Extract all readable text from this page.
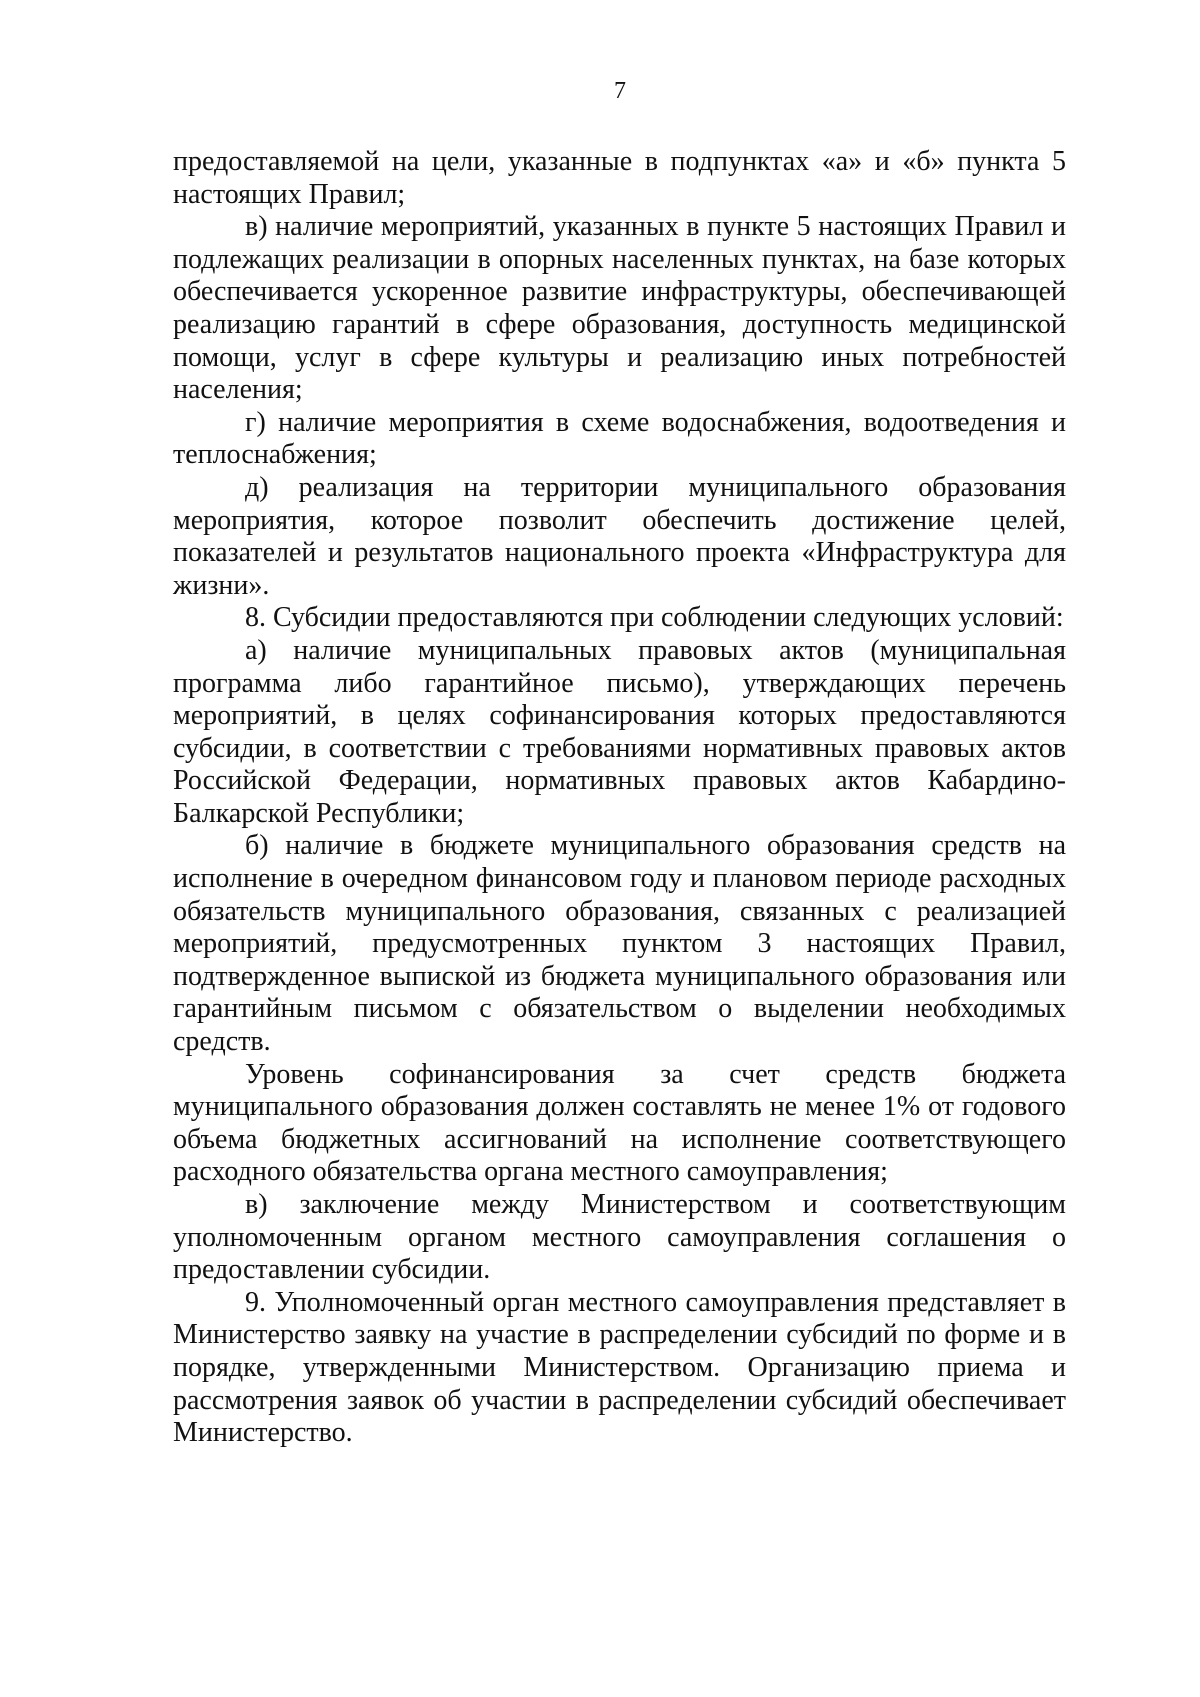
7

предоставляемой на цели, указанные в подпунктах «а» и «б» пункта 5 настоящих Правил;

в) наличие мероприятий, указанных в пункте 5 настоящих Правил и подлежащих реализации в опорных населенных пунктах, на базе которых обеспечивается ускоренное развитие инфраструктуры, обеспечивающей реализацию гарантий в сфере образования, доступность медицинской помощи, услуг в сфере культуры и реализацию иных потребностей населения;

г) наличие мероприятия в схеме водоснабжения, водоотведения и теплоснабжения;

д) реализация на территории муниципального образования мероприятия, которое позволит обеспечить достижение целей, показателей и результатов национального проекта «Инфраструктура для жизни».

8. Субсидии предоставляются при соблюдении следующих условий:

а) наличие муниципальных правовых актов (муниципальная программа либо гарантийное письмо), утверждающих перечень мероприятий, в целях софинансирования которых предоставляются субсидии, в соответствии с требованиями нормативных правовых актов Российской Федерации, нормативных правовых актов Кабардино-Балкарской Республики;

б) наличие в бюджете муниципального образования средств на исполнение в очередном финансовом году и плановом периоде расходных обязательств муниципального образования, связанных с реализацией мероприятий, предусмотренных пунктом 3 настоящих Правил, подтвержденное выпиской из бюджета муниципального образования или гарантийным письмом с обязательством о выделении необходимых средств.

Уровень софинансирования за счет средств бюджета муниципального образования должен составлять не менее 1% от годового объема бюджетных ассигнований на исполнение соответствующего расходного обязательства органа местного самоуправления;

в) заключение между Министерством и соответствующим уполномоченным органом местного самоуправления соглашения о предоставлении субсидии.

9. Уполномоченный орган местного самоуправления представляет в Министерство заявку на участие в распределении субсидий по форме и в порядке, утвержденными Министерством. Организацию приема и рассмотрения заявок об участии в распределении субсидий обеспечивает Министерство.
